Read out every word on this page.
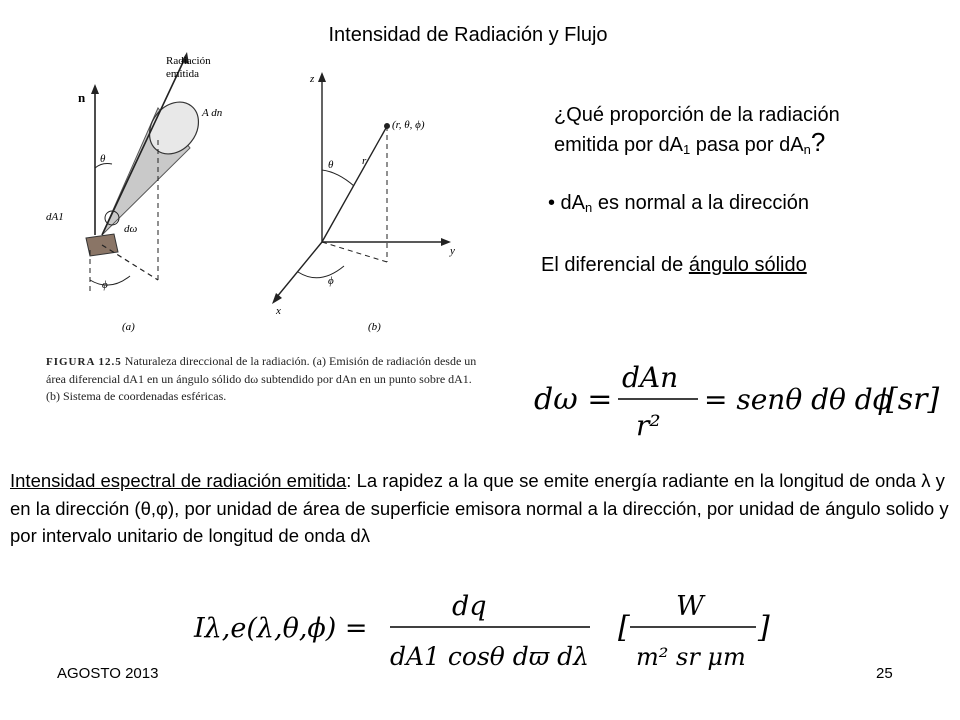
Intensidad de Radiación y Flujo
Radiación
emitida
n
A dn
θ
dA1
dω
ϕ
(a)
z
y
x
(r, θ, ϕ)
r
θ
ϕ
(b)
FIGURA 12.5 Naturaleza direccional de la radiación. (a) Emisión de radiación desde un área diferencial dA1 en un ángulo sólido dω subtendido por dAn en un punto sobre dA1. (b) Sistema de coordenadas esféricas.
¿Qué proporción de la radiación
emitida por $dA_1$ pasa por $dA_n$?
• $dA_n$ es normal a la dirección
El diferencial de ángulo sólido
dω =
dAn
r²
= senθ dθ dϕ
[sr]
Intensidad espectral de radiación emitida: La rapidez a la que se emite energía radiante en la longitud de onda λ y en la dirección (θ,φ), por unidad de área de superficie emisora normal a la dirección, por unidad de ángulo solido y por intervalo unitario de longitud de onda dλ
Iλ,e(λ,θ,ϕ) =
dq
dA1 cosθ dϖ dλ
[
W
m² sr μm
]
AGOSTO 2013	25
